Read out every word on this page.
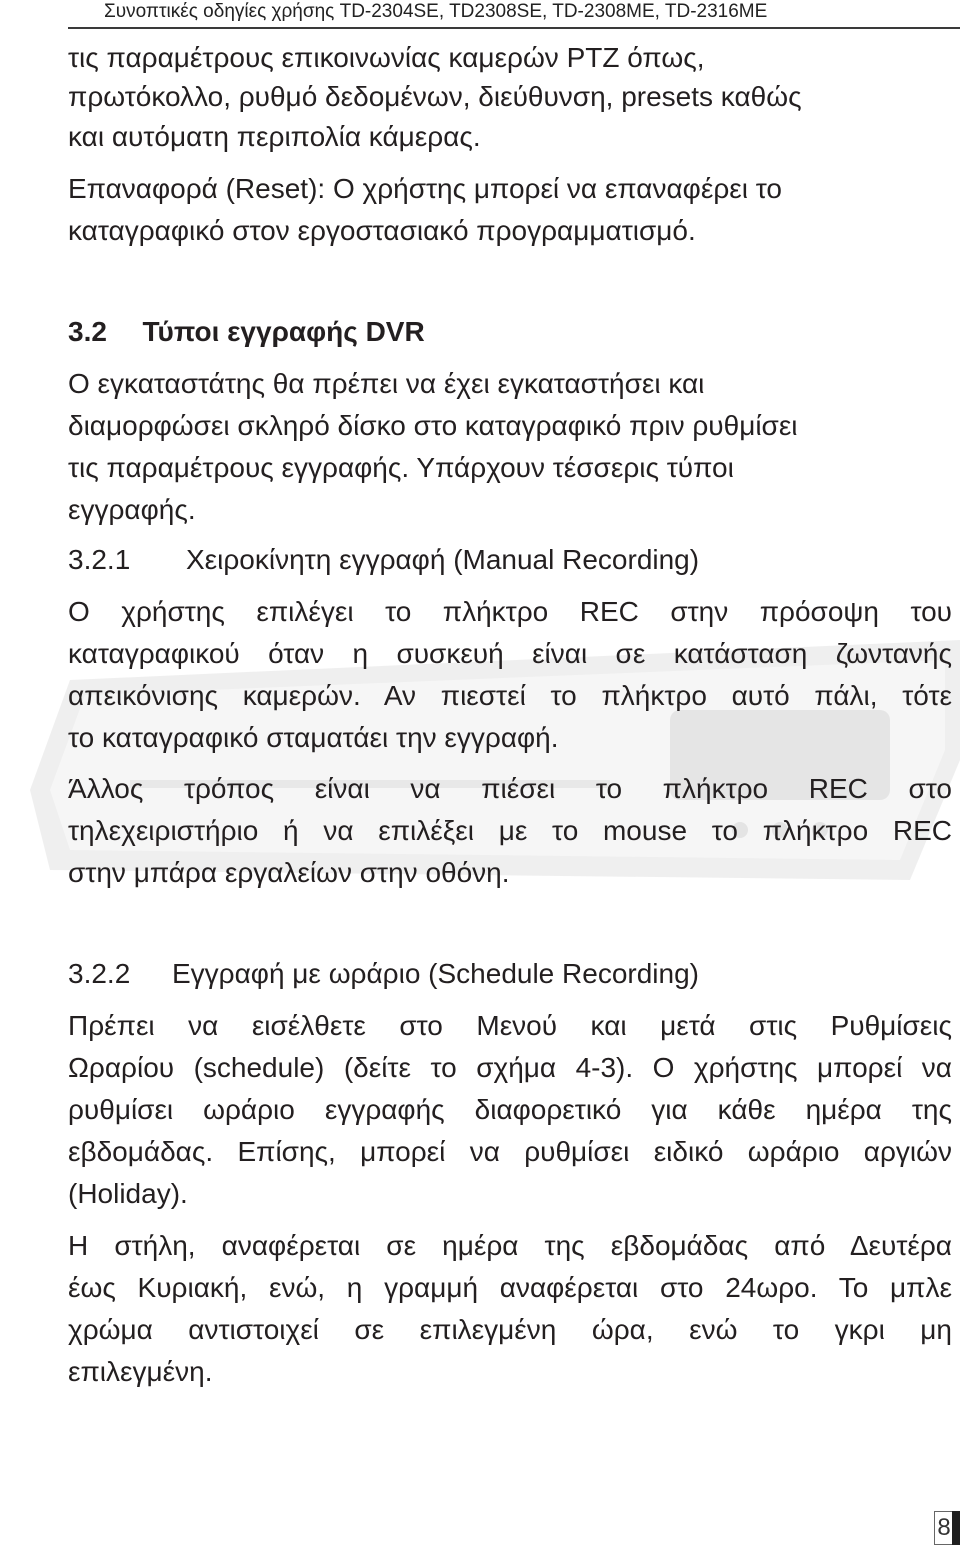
Συνοπτικές οδηγίες χρήσης TD-2304SE, TD2308SE, TD-2308ME, TD-2316ME
τις παραμέτρους επικοινωνίας καμερών PTZ όπως,
πρωτόκολλο, ρυθμό δεδομένων, διεύθυνση, presets καθώς
και αυτόματη περιπολία κάμερας.
Επαναφορά (Reset): Ο χρήστης μπορεί να επαναφέρει το
καταγραφικό στον εργοστασιακό προγραμματισμό.
3.2 Τύποι εγγραφής DVR
Ο εγκαταστάτης θα πρέπει να έχει εγκαταστήσει και
διαμορφώσει σκληρό δίσκο στο καταγραφικό πριν ρυθμίσει
τις παραμέτρους εγγραφής. Υπάρχουν τέσσερις τύποι
εγγραφής.
3.2.1 Χειροκίνητη εγγραφή (Manual Recording)
Ο χρήστης επιλέγει το πλήκτρο REC στην πρόσοψη του
καταγραφικού όταν η συσκευή είναι σε κατάσταση ζωντανής
απεικόνισης καμερών. Αν πιεστεί το πλήκτρο αυτό πάλι, τότε
το καταγραφικό σταματάει την εγγραφή.
Άλλος τρόπος είναι να πιέσει το πλήκτρο REC στο
τηλεχειριστήριο ή να επιλέξει με το mouse το πλήκτρο REC
στην μπάρα εργαλείων στην οθόνη.
3.2.2 Εγγραφή με ωράριο (Schedule Recording)
Πρέπει να εισέλθετε στο Μενού και μετά στις Ρυθμίσεις
Ωραρίου (schedule) (δείτε το σχήμα 4-3). Ο χρήστης μπορεί να
ρυθμίσει ωράριο εγγραφής διαφορετικό για κάθε ημέρα της
εβδομάδας. Επίσης, μπορεί να ρυθμίσει ειδικό ωράριο αργιών
(Holiday).
Η στήλη, αναφέρεται σε ημέρα της εβδομάδας από Δευτέρα
έως Κυριακή, ενώ, η γραμμή αναφέρεται στο 24ωρο. Το μπλε
χρώμα αντιστοιχεί σε επιλεγμένη ώρα, ενώ το γκρι μη
επιλεγμένη.
8
